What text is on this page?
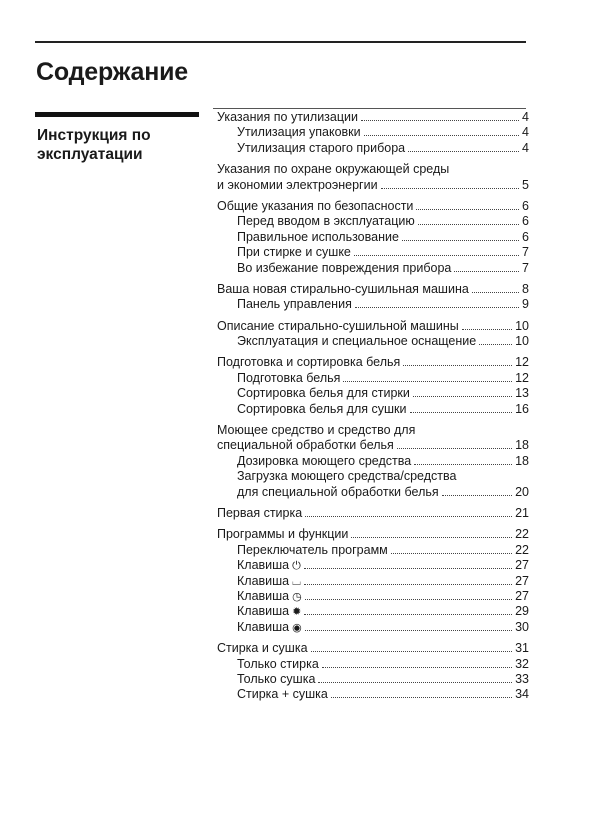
Содержание
Инструкция по
эксплуатации
Указания по утилизации	4
Утилизация упаковки	4
Утилизация старого прибора	4
Указания по охране окружающей среды
и экономии электроэнергии	5
Общие указания по безопасности	6
Перед вводом в эксплуатацию	6
Правильное использование	6
При стирке и сушке	7
Во избежание повреждения прибора	7
Ваша новая стирально-сушильная машина	8
Панель управления	9
Описание стирально-сушильной машины	10
Эксплуатация и специальное оснащение	10
Подготовка и сортировка белья	12
Подготовка белья	12
Сортировка белья для стирки	13
Сортировка белья для сушки	16
Моющее средство и средство для
специальной обработки белья	18
Дозировка моющего средства	18
Загрузка моющего средства/средства
для специальной обработки белья	20
Первая стирка	21
Программы и функции	22
Переключатель программ	22
Клавиша ⏻	27
Клавиша ⌴	27
Клавиша ◷	27
Клавиша ✹	29
Клавиша ◉	30
Стирка и сушка	31
Только стирка	32
Только сушка	33
Стирка + сушка	34
